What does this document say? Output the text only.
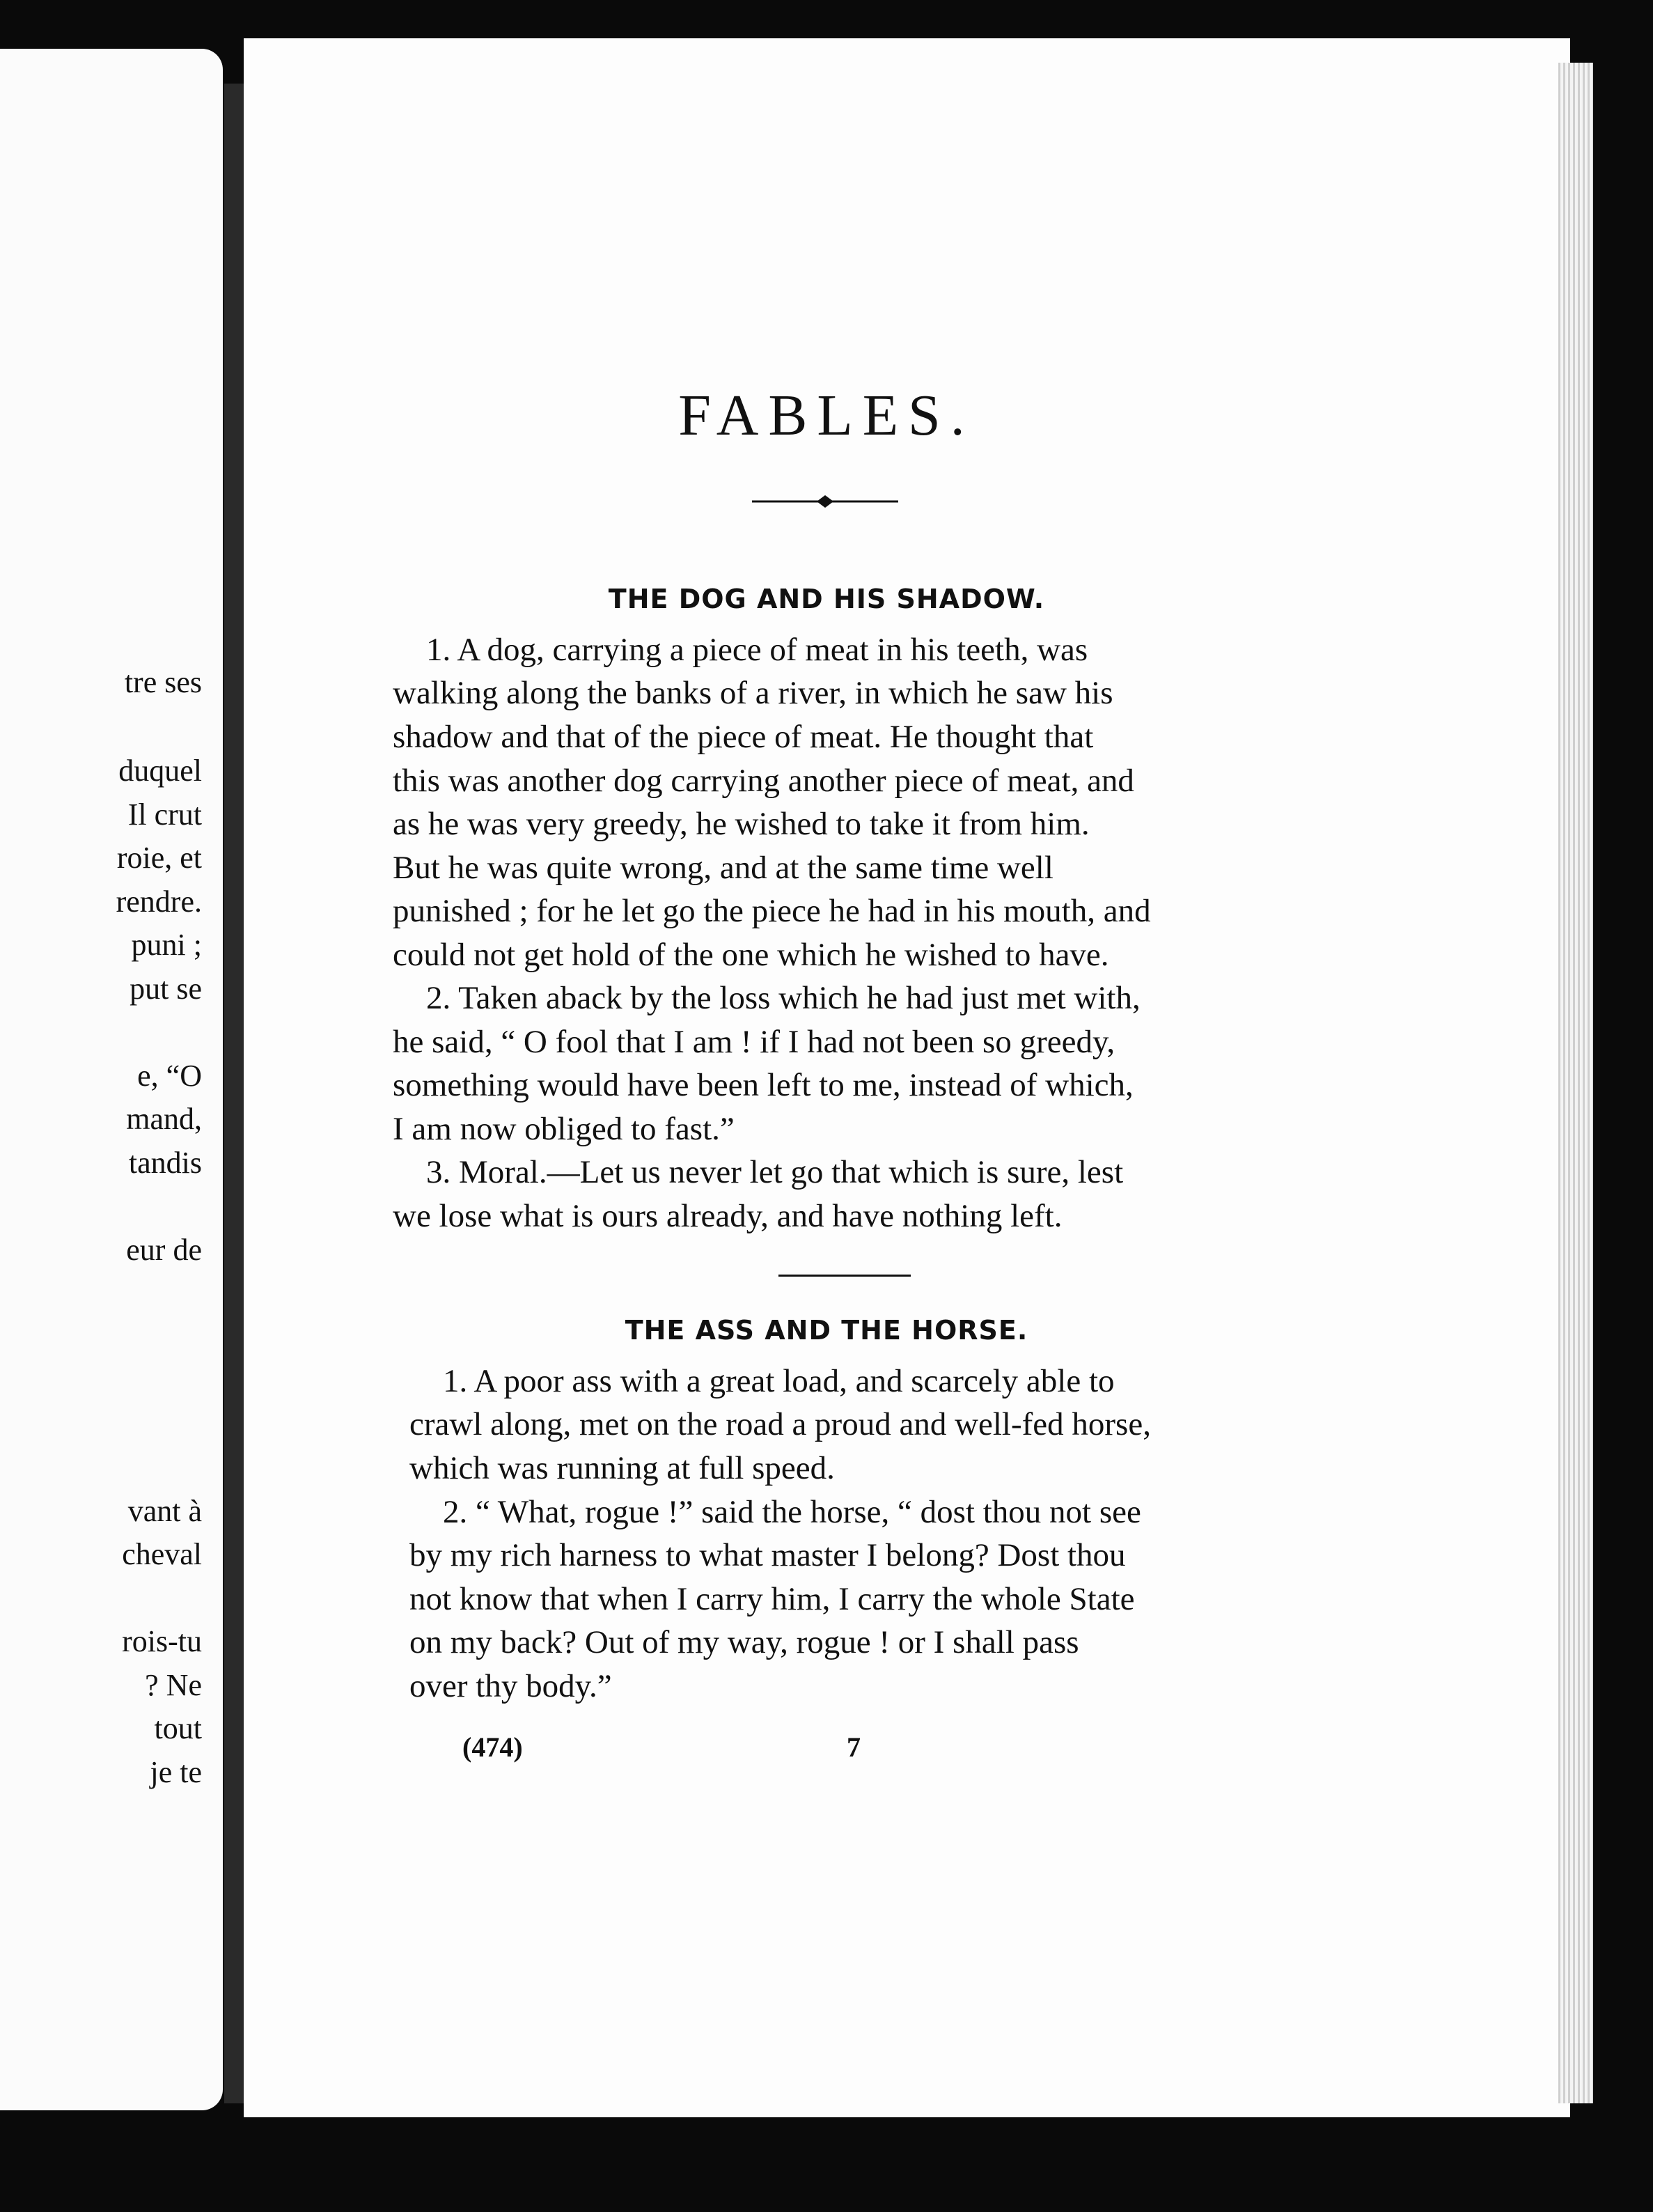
tre ses
duquel
Il crut
roie, et
rendre.
puni ;
put se
e, “O
mand,
tandis
eur de
vant à
cheval
rois-tu
? Ne
tout
je te
FABLES.
THE DOG AND HIS SHADOW.
1. A dog, carrying a piece of meat in his teeth, was
walking along the banks of a river, in which he saw his
shadow and that of the piece of meat. He thought that
this was another dog carrying another piece of meat, and
as he was very greedy, he wished to take it from him.
But he was quite wrong, and at the same time well
punished ; for he let go the piece he had in his mouth, and
could not get hold of the one which he wished to have.
2. Taken aback by the loss which he had just met with,
he said, “ O fool that I am ! if I had not been so greedy,
something would have been left to me, instead of which,
I am now obliged to fast.”
3. Moral.—Let us never let go that which is sure, lest
we lose what is ours already, and have nothing left.
THE ASS AND THE HORSE.
1. A poor ass with a great load, and scarcely able to
crawl along, met on the road a proud and well-fed horse,
which was running at full speed.
2. “ What, rogue !” said the horse, “ dost thou not see
by my rich harness to what master I belong? Dost thou
not know that when I carry him, I carry the whole State
on my back? Out of my way, rogue ! or I shall pass
over thy body.”
(474)	7
